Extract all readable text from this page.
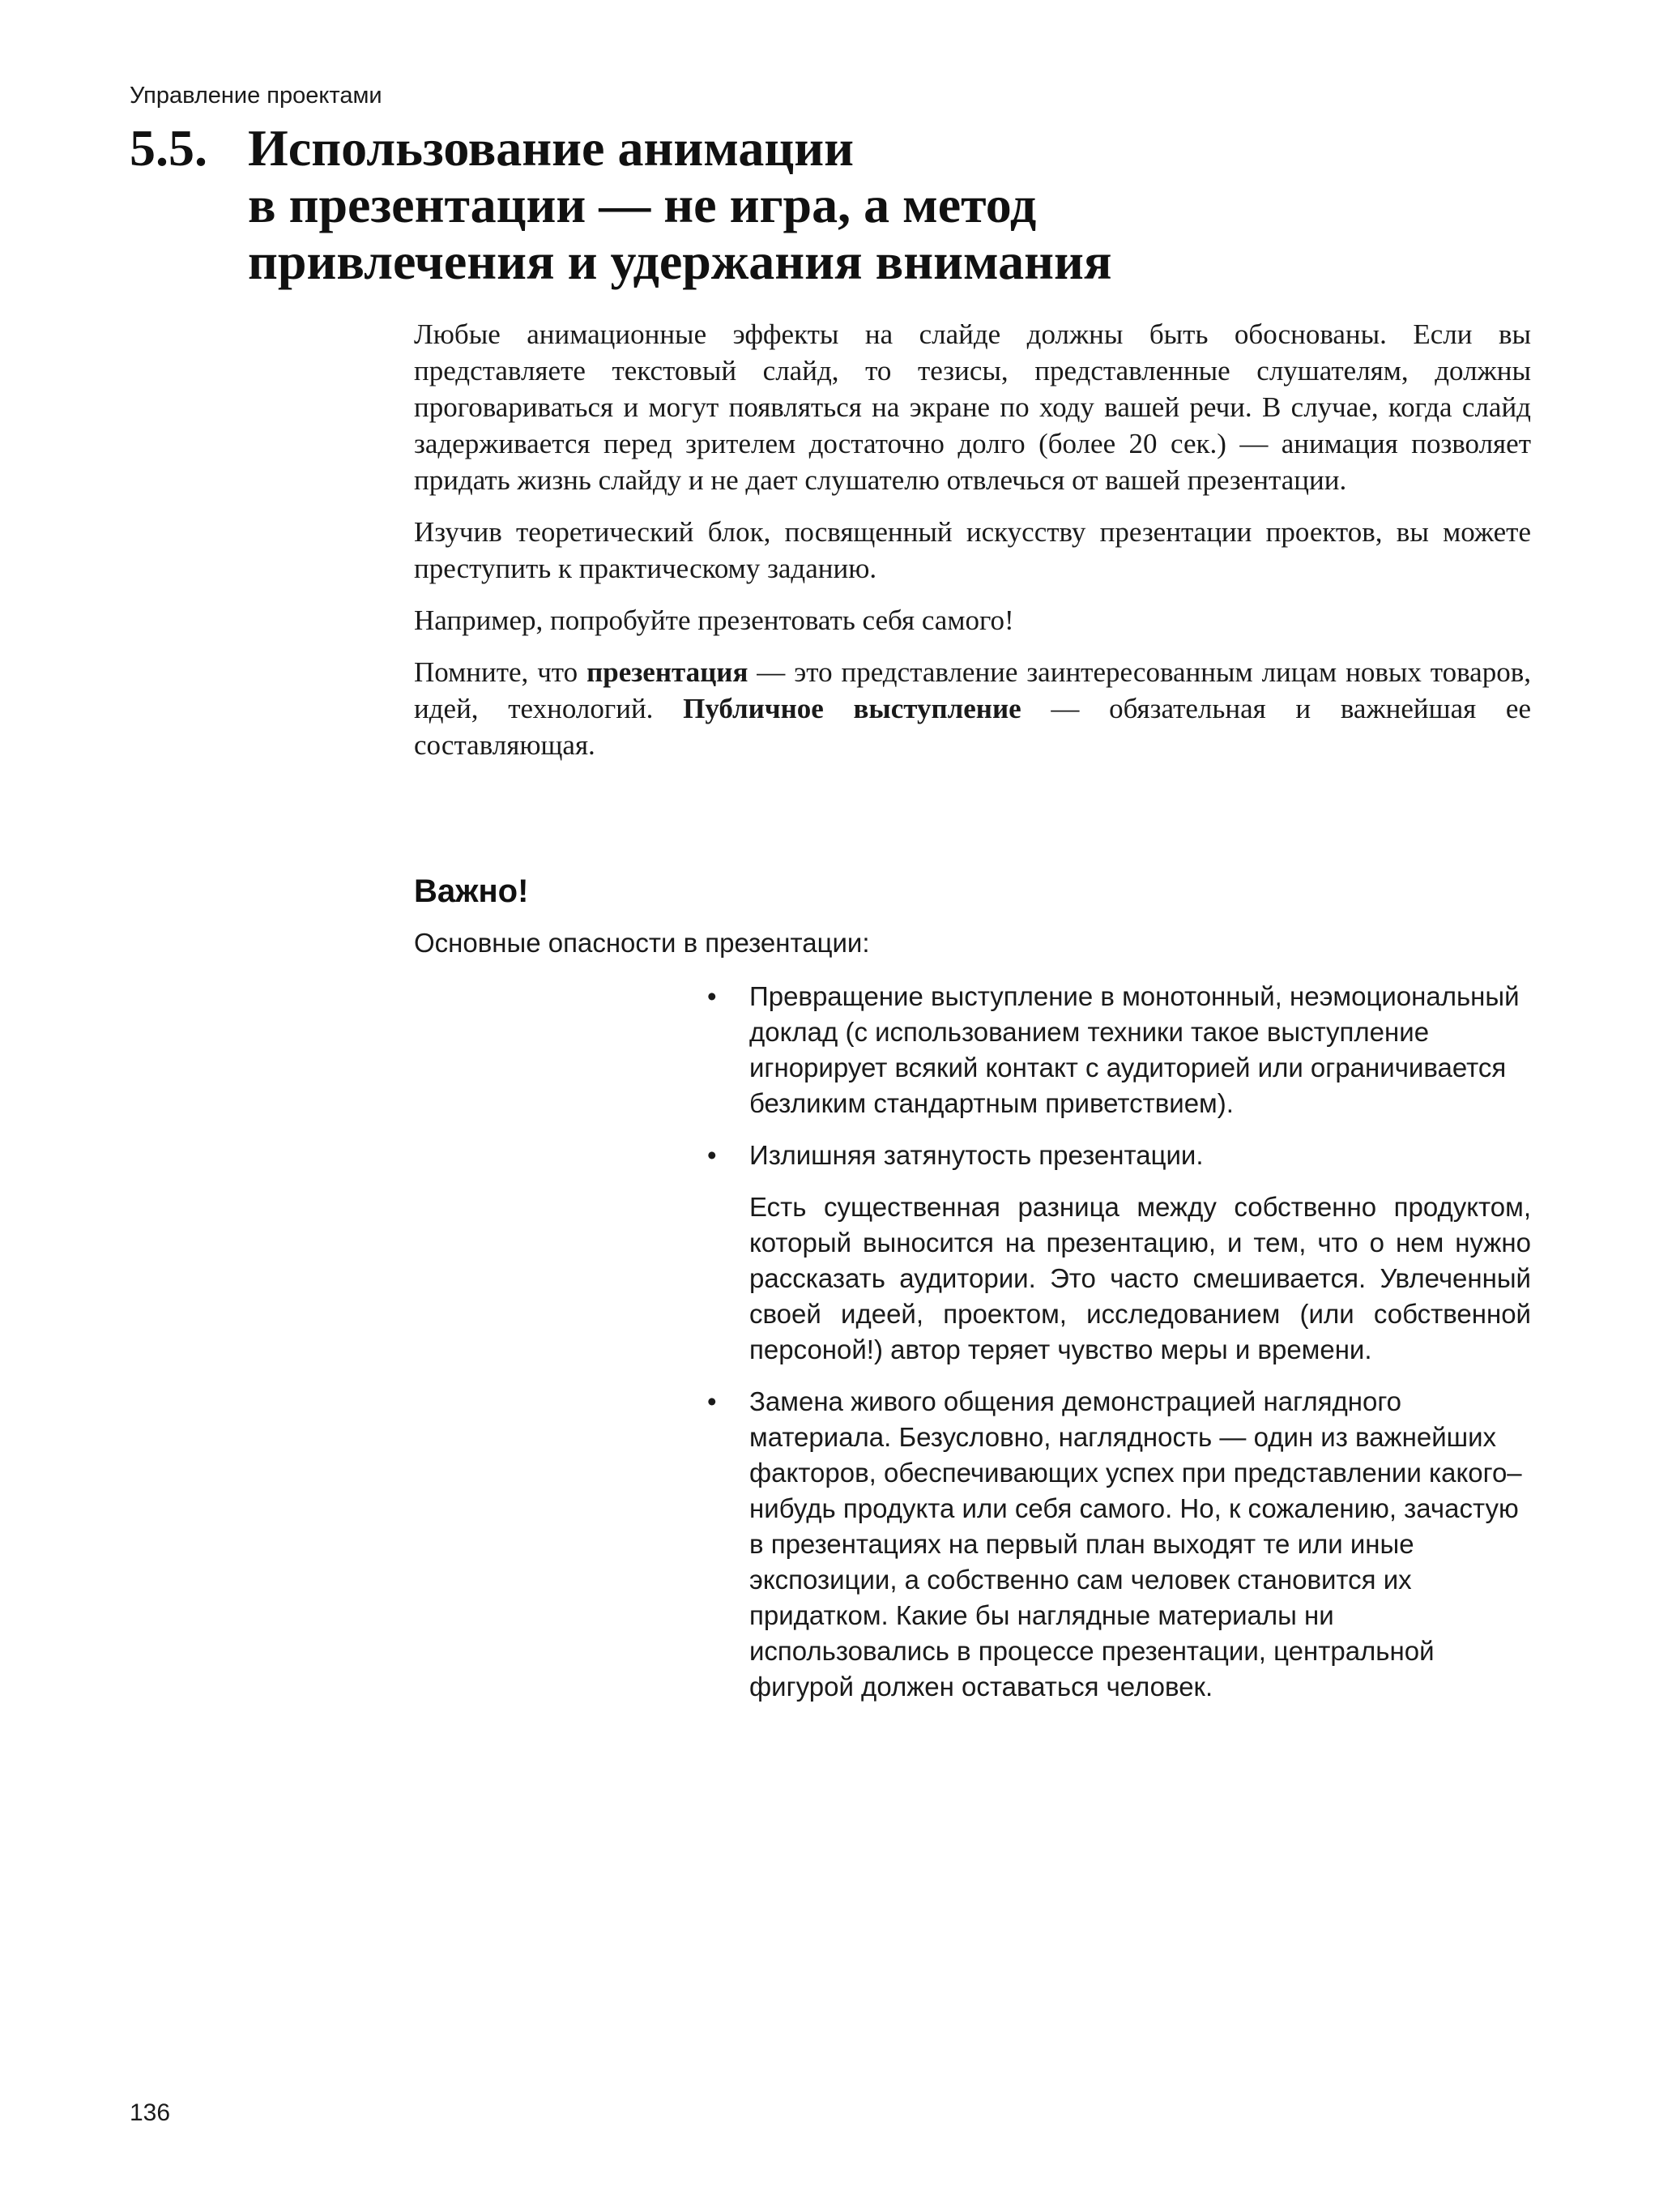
Управление проектами
5.5. Использование анимации
в презентации — не игра, а метод
привлечения и удержания внимания

Любые анимационные эффекты на слайде должны быть обоснованы. Если вы представляете текстовый слайд, то тезисы, представленные слушателям, должны проговариваться и могут появляться на экране по ходу вашей речи. В случае, когда слайд задерживается перед зрителем достаточно долго (более 20 сек.) — анимация позволяет придать жизнь слайду и не дает слушателю отвлечься от вашей презентации.

Изучив теоретический блок, посвященный искусству презентации проектов, вы можете преступить к практическому заданию.

Например, попробуйте презентовать себя самого!

Помните, что презентация — это представление заинтересованным лицам новых товаров, идей, технологий. Публичное выступление — обязательная и важнейшая ее составляющая.

Важно!
Основные опасности в презентации:
• Превращение выступление в монотонный, неэмоциональный доклад (с использованием техники такое выступление игнорирует всякий контакт с аудиторией или ограничивается безликим стандартным приветствием).
• Излишняя затянутость презентации.
Есть существенная разница между собственно продуктом, который выносится на презентацию, и тем, что о нем нужно рассказать аудитории. Это часто смешивается. Увлеченный своей идеей, проектом, исследованием (или собственной персоной!) автор теряет чувство меры и времени.
• Замена живого общения демонстрацией наглядного материала. Безусловно, наглядность — один из важнейших факторов, обеспечивающих успех при представлении какого–нибудь продукта или себя самого. Но, к сожалению, зачастую в презентациях на первый план выходят те или иные экспозиции, а собственно сам человек становится их придатком. Какие бы наглядные материалы ни использовались в процессе презентации, центральной фигурой должен оставаться человек.
136
